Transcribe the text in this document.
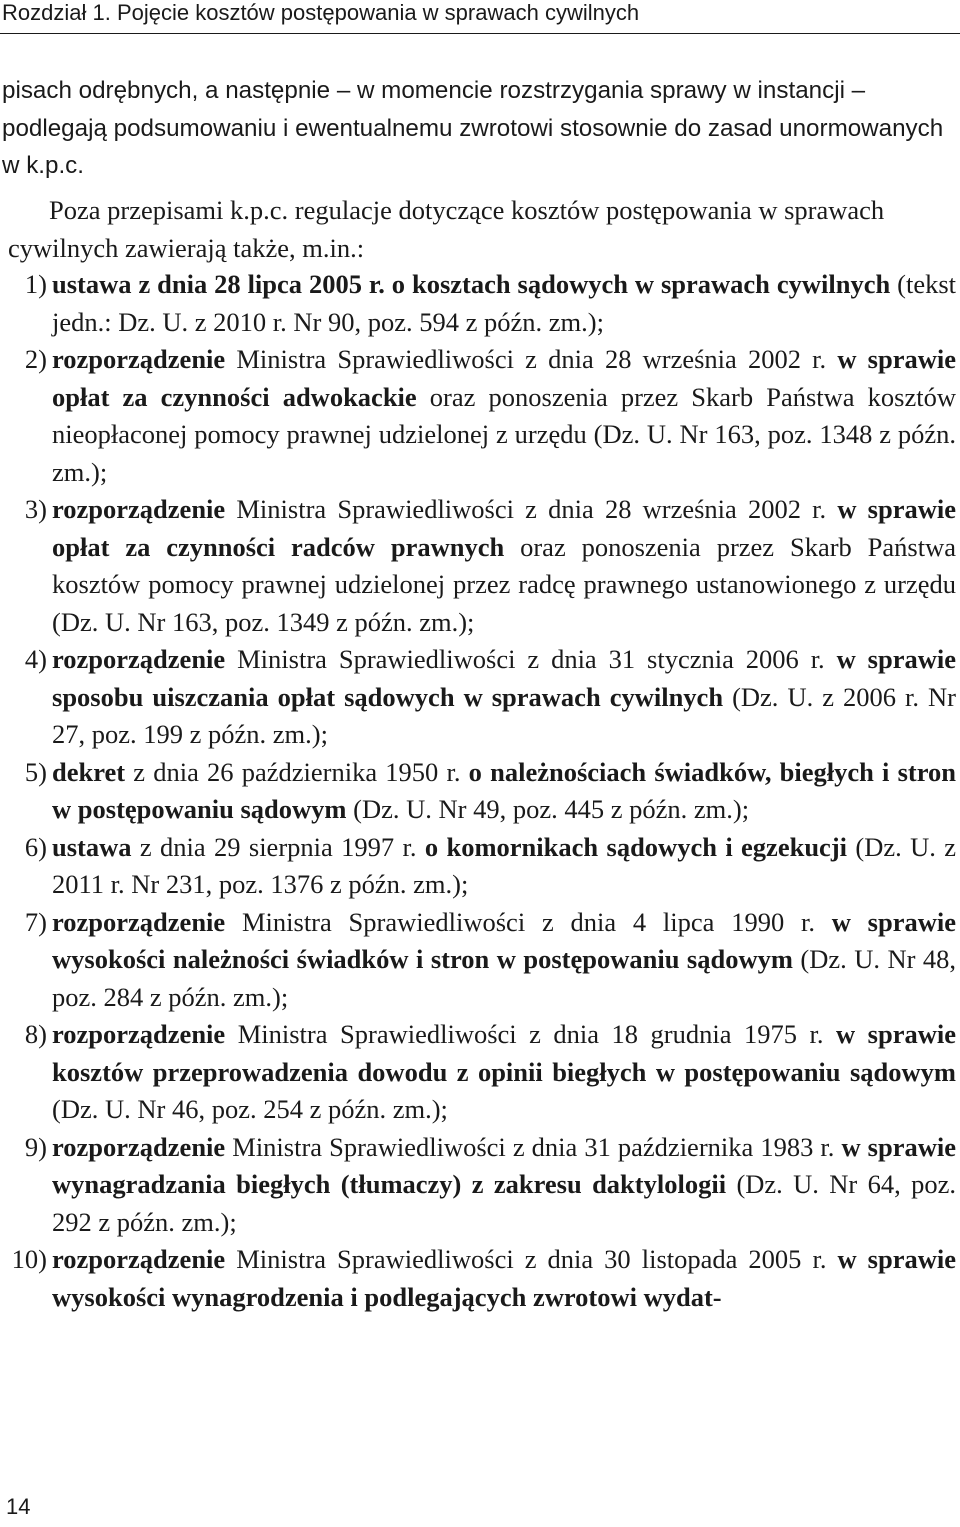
Rozdział 1. Pojęcie kosztów postępowania w sprawach cywilnych

pisach odrębnych, a następnie – w momencie rozstrzygania sprawy w instancji – podlegają podsumowaniu i ewentualnemu zwrotowi stosownie do zasad unormowanych w k.p.c.

Poza przepisami k.p.c. regulacje dotyczące kosztów postępowania w sprawach cywilnych zawierają także, m.in.:

1) ustawa z dnia 28 lipca 2005 r. o kosztach sądowych w sprawach cywilnych (tekst jedn.: Dz. U. z 2010 r. Nr 90, poz. 594 z późn. zm.);
2) rozporządzenie Ministra Sprawiedliwości z dnia 28 września 2002 r. w sprawie opłat za czynności adwokackie oraz ponoszenia przez Skarb Państwa kosztów nieopłaconej pomocy prawnej udzielonej z urzędu (Dz. U. Nr 163, poz. 1348 z późn. zm.);
3) rozporządzenie Ministra Sprawiedliwości z dnia 28 września 2002 r. w sprawie opłat za czynności radców prawnych oraz ponoszenia przez Skarb Państwa kosztów pomocy prawnej udzielonej przez radcę prawnego ustanowionego z urzędu (Dz. U. Nr 163, poz. 1349 z późn. zm.);
4) rozporządzenie Ministra Sprawiedliwości z dnia 31 stycznia 2006 r. w sprawie sposobu uiszczania opłat sądowych w sprawach cywilnych (Dz. U. z 2006 r. Nr 27, poz. 199 z późn. zm.);
5) dekret z dnia 26 października 1950 r. o należnościach świadków, biegłych i stron w postępowaniu sądowym (Dz. U. Nr 49, poz. 445 z późn. zm.);
6) ustawa z dnia 29 sierpnia 1997 r. o komornikach sądowych i egzekucji (Dz. U. z 2011 r. Nr 231, poz. 1376 z późn. zm.);
7) rozporządzenie Ministra Sprawiedliwości z dnia 4 lipca 1990 r. w sprawie wysokości należności świadków i stron w postępowaniu sądowym (Dz. U. Nr 48, poz. 284 z późn. zm.);
8) rozporządzenie Ministra Sprawiedliwości z dnia 18 grudnia 1975 r. w sprawie kosztów przeprowadzenia dowodu z opinii biegłych w postępowaniu sądowym (Dz. U. Nr 46, poz. 254 z późn. zm.);
9) rozporządzenie Ministra Sprawiedliwości z dnia 31 października 1983 r. w sprawie wynagradzania biegłych (tłumaczy) z zakresu daktylologii (Dz. U. Nr 64, poz. 292 z późn. zm.);
10) rozporządzenie Ministra Sprawiedliwości z dnia 30 listopada 2005 r. w sprawie wysokości wynagrodzenia i podlegających zwrotowi wydat-
14
